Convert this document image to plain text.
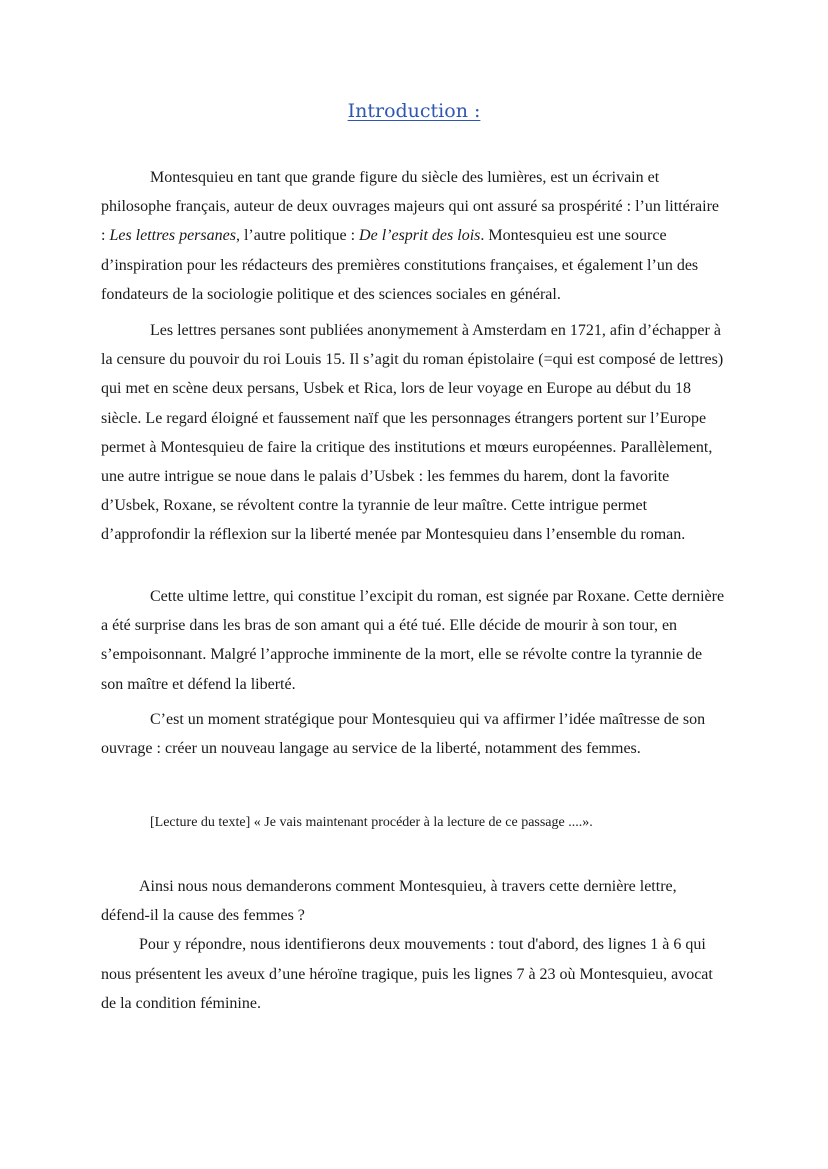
Introduction :

Montesquieu en tant que grande figure du siècle des lumières, est un écrivain et philosophe français, auteur de deux ouvrages majeurs qui ont assuré sa prospérité : l’un littéraire : Les lettres persanes, l’autre politique : De l’esprit des lois. Montesquieu est une source d’inspiration pour les rédacteurs des premières constitutions françaises, et également l’un des fondateurs de la sociologie politique et des sciences sociales en général.

Les lettres persanes sont publiées anonymement à Amsterdam en 1721, afin d’échapper à la censure du pouvoir du roi Louis 15. Il s’agit du roman épistolaire (=qui est composé de lettres) qui met en scène deux persans, Usbek et Rica, lors de leur voyage en Europe au début du 18 siècle. Le regard éloigné et faussement naïf que les personnages étrangers portent sur l’Europe permet à Montesquieu de faire la critique des institutions et mœurs européennes. Parallèlement, une autre intrigue se noue dans le palais d’Usbek : les femmes du harem, dont la favorite d’Usbek, Roxane, se révoltent contre la tyrannie de leur maître. Cette intrigue permet d’approfondir la réflexion sur la liberté menée par Montesquieu dans l’ensemble du roman.

Cette ultime lettre, qui constitue l’excipit du roman, est signée par Roxane. Cette dernière a été surprise dans les bras de son amant qui a été tué. Elle décide de mourir à son tour, en s’empoisonnant. Malgré l’approche imminente de la mort, elle se révolte contre la tyrannie de son maître et défend la liberté.

C’est un moment stratégique pour Montesquieu qui va affirmer l’idée maîtresse de son ouvrage : créer un nouveau langage au service de la liberté, notamment des femmes.

[Lecture du texte] « Je vais maintenant procéder à la lecture de ce passage ....».

Ainsi nous nous demanderons comment Montesquieu, à travers cette dernière lettre,
défend-il la cause des femmes ?
Pour y répondre, nous identifierons deux mouvements : tout d'abord, des lignes 1 à 6 qui nous présentent les aveux d’une héroïne tragique, puis les lignes 7 à 23 où Montesquieu, avocat de la condition féminine.
